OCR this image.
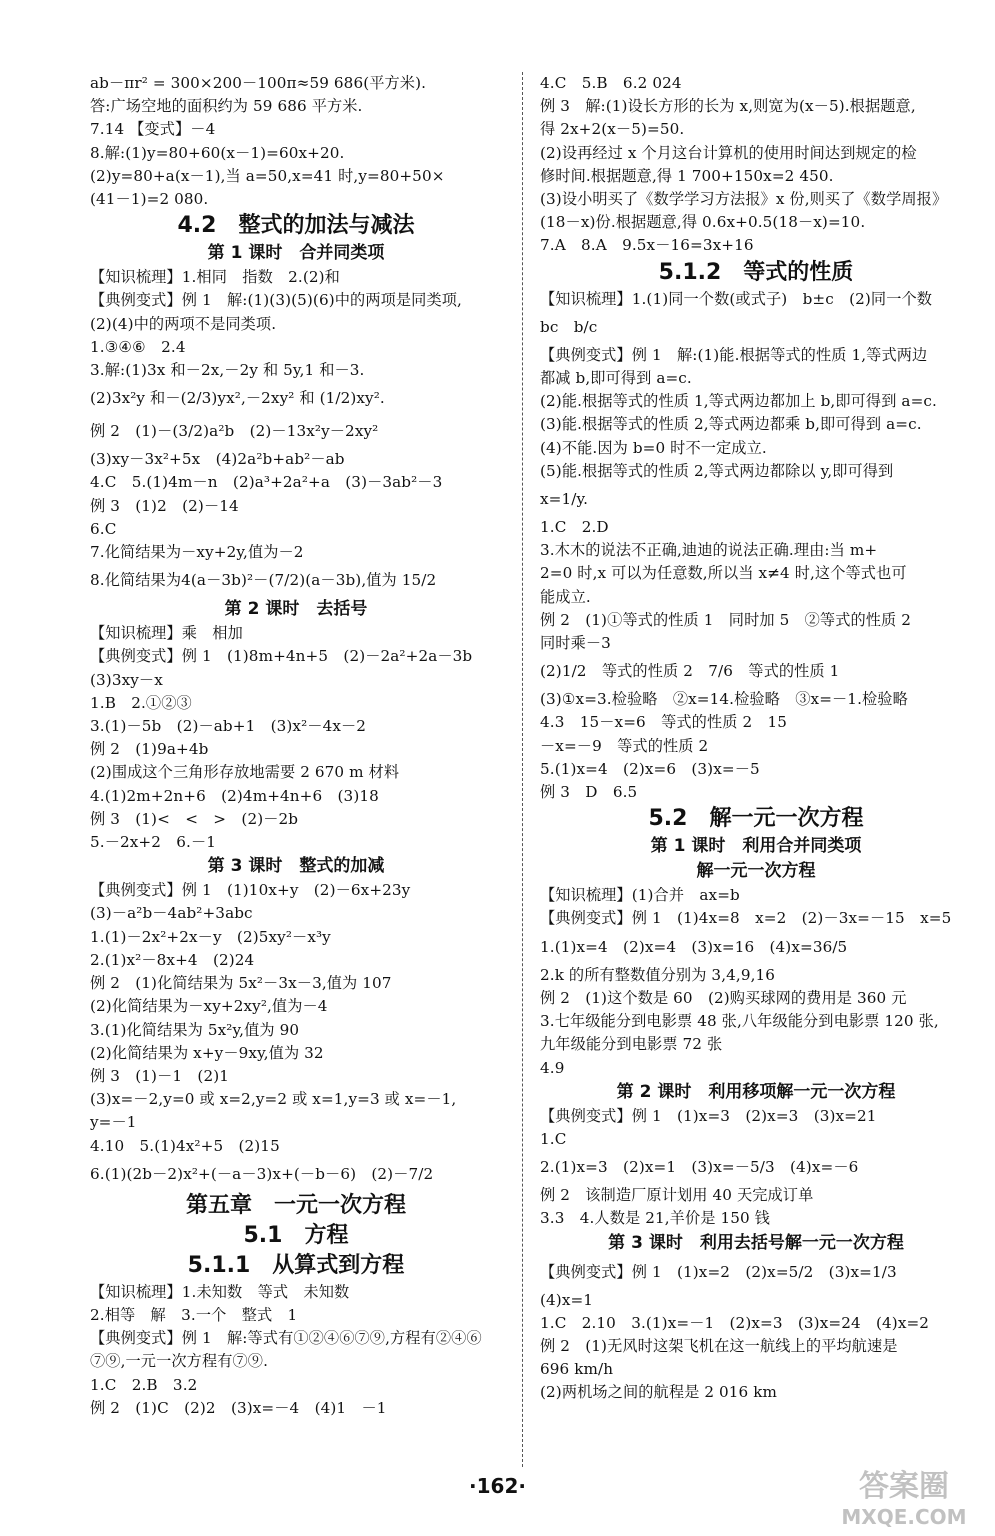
ab－πr² = 300×200－100π≈59 686(平方米).
答:广场空地的面积约为 59 686 平方米.
7.14 【变式】－4
8.解:(1)y=80+60(x－1)=60x+20.
(2)y=80+a(x－1),当 a=50,x=41 时,y=80+50×
(41－1)=2 080.
4.2　整式的加法与减法
第 1 课时　合并同类项
【知识梳理】1.相同　指数　2.(2)和
【典例变式】例 1　解:(1)(3)(5)(6)中的两项是同类项,
(2)(4)中的两项不是同类项.
1.③④⑥　2.4
3.解:(1)3x 和－2x,－2y 和 5y,1 和－3.
(2)3x²y 和－(2/3)yx²,－2xy² 和 (1/2)xy².
例 2　(1)－(3/2)a²b　(2)－13x²y－2xy²
(3)xy－3x²+5x　(4)2a²b+ab²－ab
4.C　5.(1)4m－n　(2)a³+2a²+a　(3)－3ab²－3
例 3　(1)2　(2)－14
6.C
7.化简结果为－xy+2y,值为－2
8.化简结果为4(a－3b)²－(7/2)(a－3b),值为 15/2
第 2 课时　去括号
【知识梳理】乘　相加
【典例变式】例 1　(1)8m+4n+5　(2)－2a²+2a－3b
(3)3xy－x
1.B　2.①②③
3.(1)－5b　(2)－ab+1　(3)x²－4x－2
例 2　(1)9a+4b
(2)围成这个三角形存放地需要 2 670 m 材料
4.(1)2m+2n+6　(2)4m+4n+6　(3)18
例 3　(1)<　<　>　(2)－2b
5.－2x+2　6.－1
第 3 课时　整式的加减
【典例变式】例 1　(1)10x+y　(2)－6x+23y
(3)－a²b－4ab²+3abc
1.(1)－2x²+2x－y　(2)5xy²－x³y
2.(1)x²－8x+4　(2)24
例 2　(1)化简结果为 5x²－3x－3,值为 107
(2)化简结果为－xy+2xy²,值为－4
3.(1)化简结果为 5x²y,值为 90
(2)化简结果为 x+y－9xy,值为 32
例 3　(1)－1　(2)1
(3)x=－2,y=0 或 x=2,y=2 或 x=1,y=3 或 x=－1,
y=－1
4.10　5.(1)4x²+5　(2)15
6.(1)(2b－2)x²+(－a－3)x+(－b－6)　(2)－7/2
第五章　一元一次方程
5.1　方程
5.1.1　从算式到方程
【知识梳理】1.未知数　等式　未知数
2.相等　解　3.一个　整式　1
【典例变式】例 1　解:等式有①②④⑥⑦⑨,方程有②④⑥
⑦⑨,一元一次方程有⑦⑨.
1.C　2.B　3.2
例 2　(1)C　(2)2　(3)x=－4　(4)1　－1
4.C　5.B　6.2 024
例 3　解:(1)设长方形的长为 x,则宽为(x－5).根据题意,
得 2x+2(x－5)=50.
(2)设再经过 x 个月这台计算机的使用时间达到规定的检
修时间.根据题意,得 1 700+150x=2 450.
(3)设小明买了《数学学习方法报》x 份,则买了《数学周报》
(18－x)份.根据题意,得 0.6x+0.5(18－x)=10.
7.A　8.A　9.5x－16=3x+16
5.1.2　等式的性质
【知识梳理】1.(1)同一个数(或式子)　b±c　(2)同一个数
bc　b/c
【典例变式】例 1　解:(1)能.根据等式的性质 1,等式两边
都减 b,即可得到 a=c.
(2)能.根据等式的性质 1,等式两边都加上 b,即可得到 a=c.
(3)能.根据等式的性质 2,等式两边都乘 b,即可得到 a=c.
(4)不能.因为 b=0 时不一定成立.
(5)能.根据等式的性质 2,等式两边都除以 y,即可得到
x=1/y.
1.C　2.D
3.木木的说法不正确,迪迪的说法正确.理由:当 m+
2=0 时,x 可以为任意数,所以当 x≠4 时,这个等式也可
能成立.
例 2　(1)①等式的性质 1　同时加 5　②等式的性质 2
同时乘－3
(2)1/2　等式的性质 2　7/6　等式的性质 1
(3)①x=3.检验略　②x=14.检验略　③x=－1.检验略
4.3　15－x=6　等式的性质 2　15
－x=－9　等式的性质 2
5.(1)x=4　(2)x=6　(3)x=－5
例 3　D　6.5
5.2　解一元一次方程
第 1 课时　利用合并同类项
解一元一次方程
【知识梳理】(1)合并　ax=b
【典例变式】例 1　(1)4x=8　x=2　(2)－3x=－15　x=5
1.(1)x=4　(2)x=4　(3)x=16　(4)x=36/5
2.k 的所有整数值分别为 3,4,9,16
例 2　(1)这个数是 60　(2)购买球网的费用是 360 元
3.七年级能分到电影票 48 张,八年级能分到电影票 120 张,
九年级能分到电影票 72 张
4.9
第 2 课时　利用移项解一元一次方程
【典例变式】例 1　(1)x=3　(2)x=3　(3)x=21
1.C
2.(1)x=3　(2)x=1　(3)x=－5/3　(4)x=－6
例 2　该制造厂原计划用 40 天完成订单
3.3　4.人数是 21,羊价是 150 钱
第 3 课时　利用去括号解一元一次方程
【典例变式】例 1　(1)x=2　(2)x=5/2　(3)x=1/3
(4)x=1
1.C　2.10　3.(1)x=－1　(2)x=3　(3)x=24　(4)x=2
例 2　(1)无风时这架飞机在这一航线上的平均航速是
696 km/h
(2)两机场之间的航程是 2 016 km
·162·	答案圈
MXQE.COM
